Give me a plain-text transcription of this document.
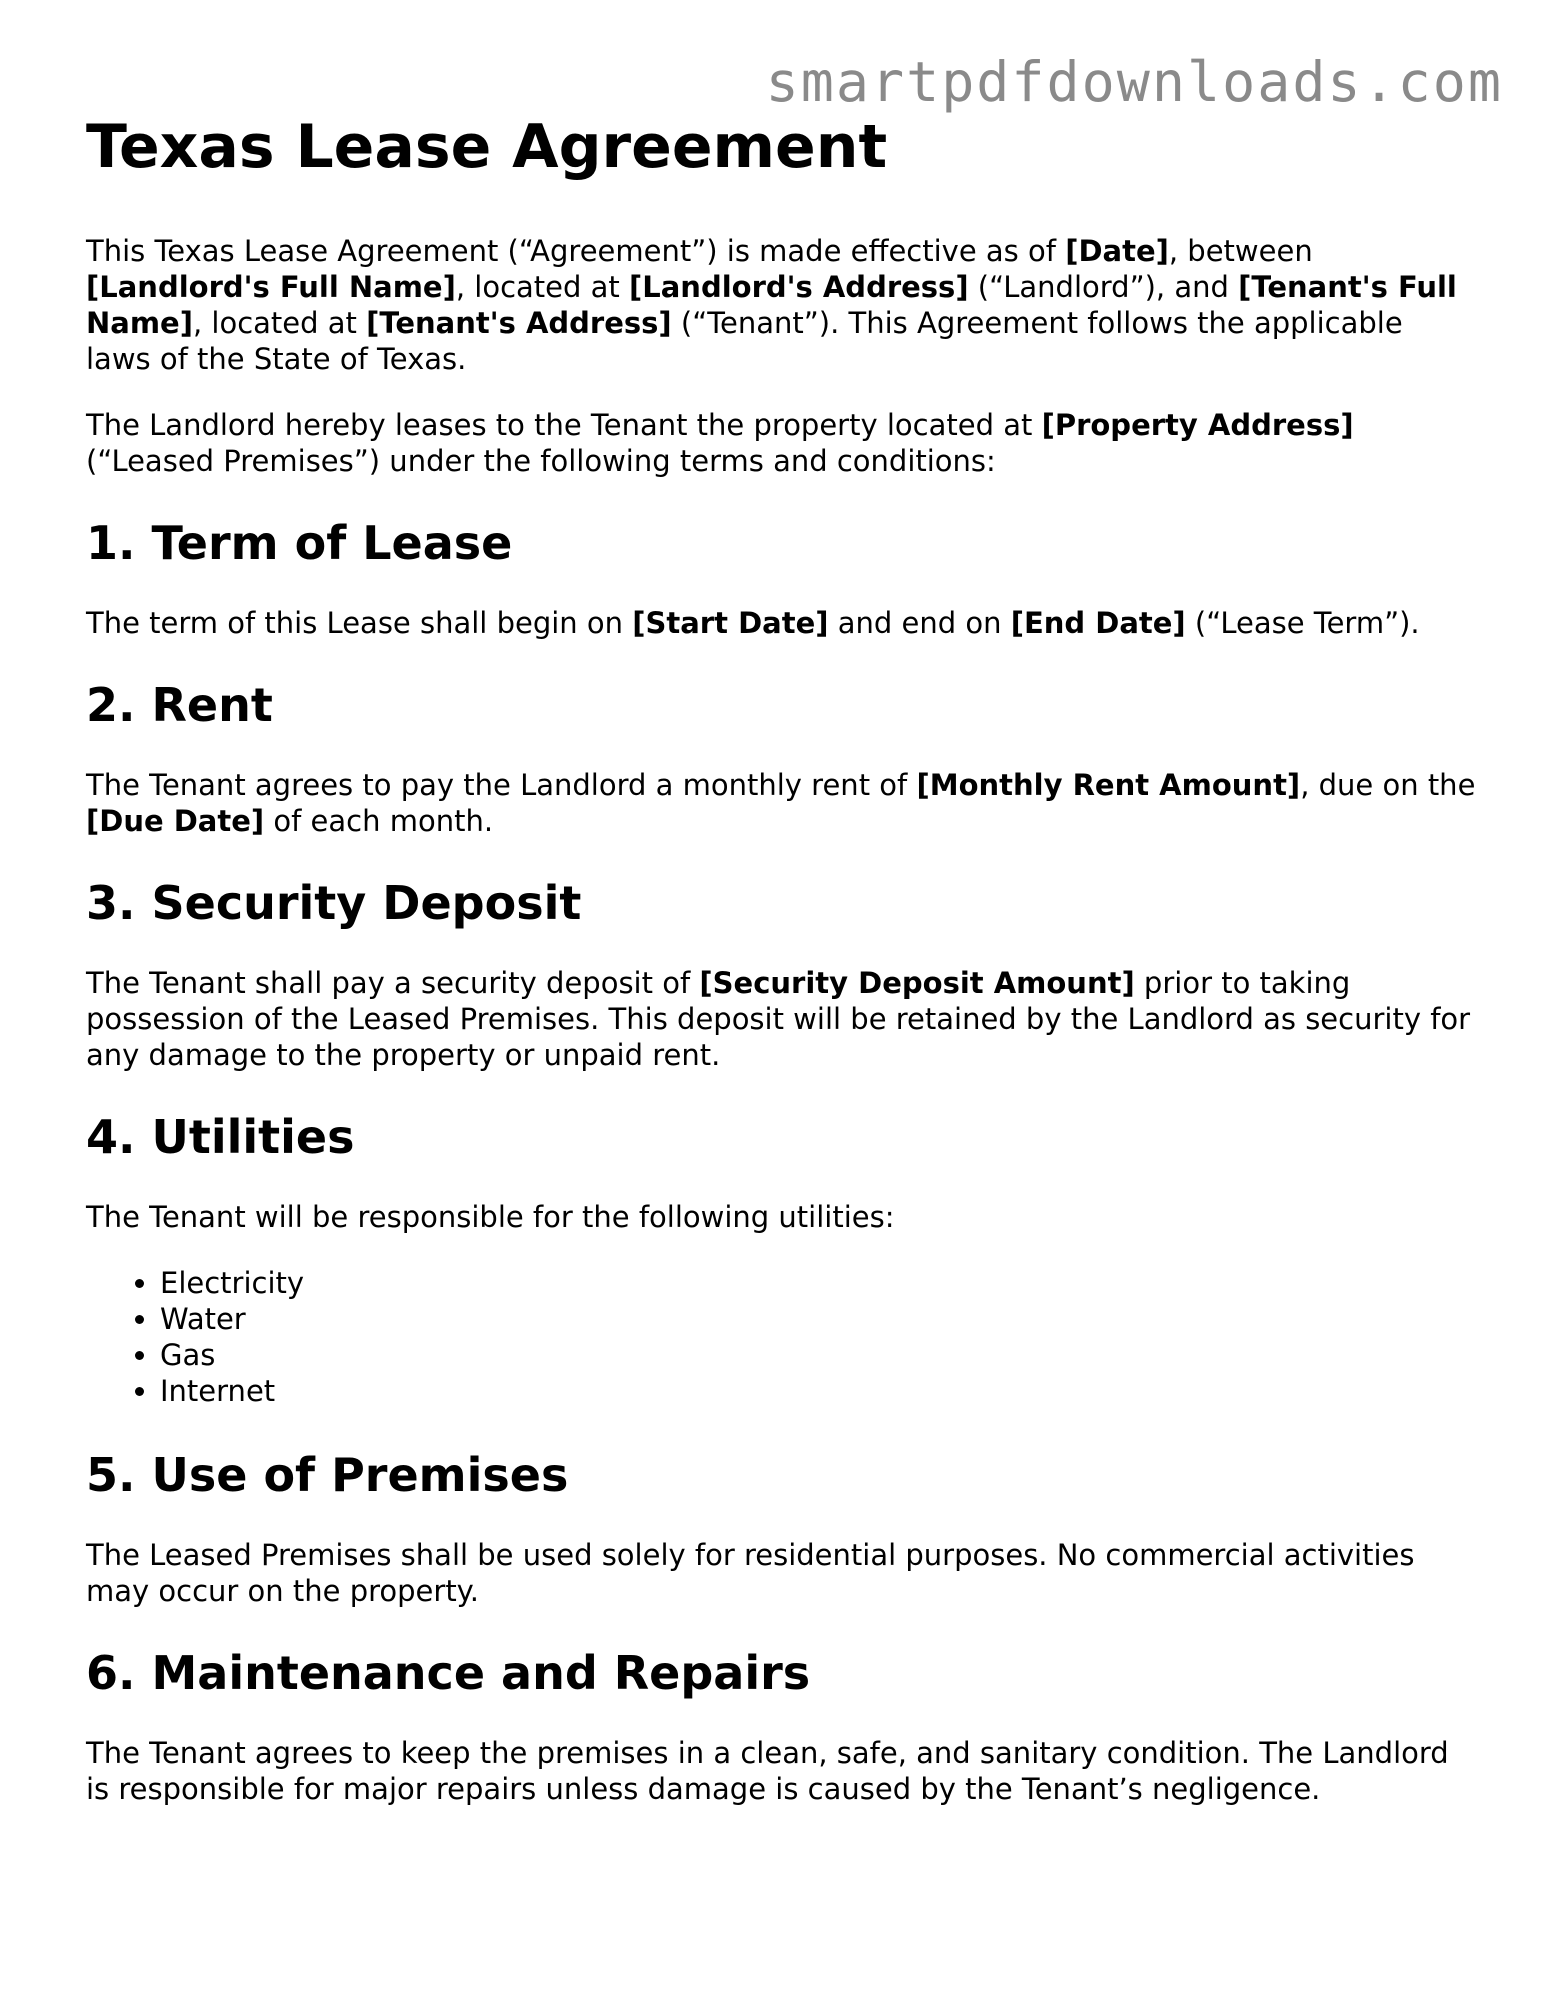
smartpdfdownloads.com
Texas Lease Agreement

This Texas Lease Agreement (“Agreement”) is made effective as of [Date], between [Landlord's Full Name], located at [Landlord's Address] (“Landlord”), and [Tenant's Full Name], located at [Tenant's Address] (“Tenant”). This Agreement follows the applicable laws of the State of Texas.

The Landlord hereby leases to the Tenant the property located at [Property Address] (“Leased Premises”) under the following terms and conditions:

1. Term of Lease

The term of this Lease shall begin on [Start Date] and end on [End Date] (“Lease Term”).

2. Rent

The Tenant agrees to pay the Landlord a monthly rent of [Monthly Rent Amount], due on the [Due Date] of each month.

3. Security Deposit

The Tenant shall pay a security deposit of [Security Deposit Amount] prior to taking possession of the Leased Premises. This deposit will be retained by the Landlord as security for any damage to the property or unpaid rent.

4. Utilities

The Tenant will be responsible for the following utilities:

• Electricity
• Water
• Gas
• Internet
5. Use of Premises

The Leased Premises shall be used solely for residential purposes. No commercial activities may occur on the property.

6. Maintenance and Repairs

The Tenant agrees to keep the premises in a clean, safe, and sanitary condition. The Landlord is responsible for major repairs unless damage is caused by the Tenant’s negligence.
